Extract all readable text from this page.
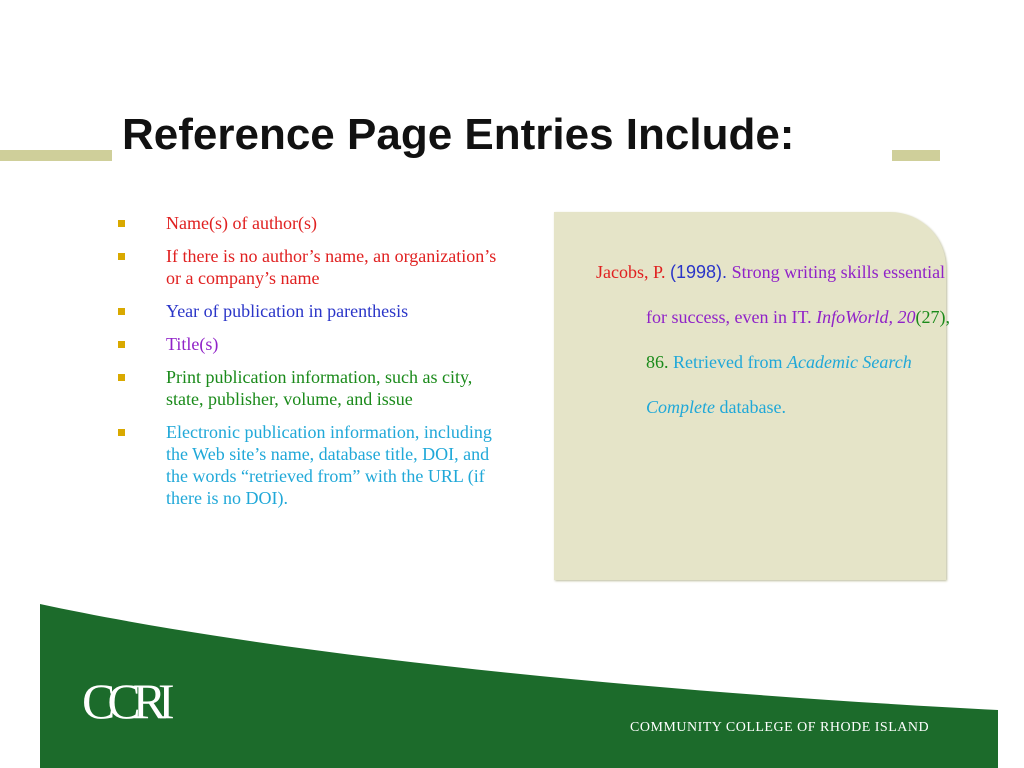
Reference Page Entries Include:
Name(s) of author(s)
If there is no author’s name, an organization’s or a company’s name
Year of publication in parenthesis
Title(s)
Print publication information, such as city, state, publisher, volume, and issue
Electronic publication information, including the Web site’s name, database title, DOI, and the words “retrieved from” with the URL (if there is no DOI).
Jacobs, P. (1998). Strong writing skills essential for success, even in IT. InfoWorld, 20(27), 86. Retrieved from Academic Search Complete database.
CCRI	COMMUNITY COLLEGE OF RHODE ISLAND
